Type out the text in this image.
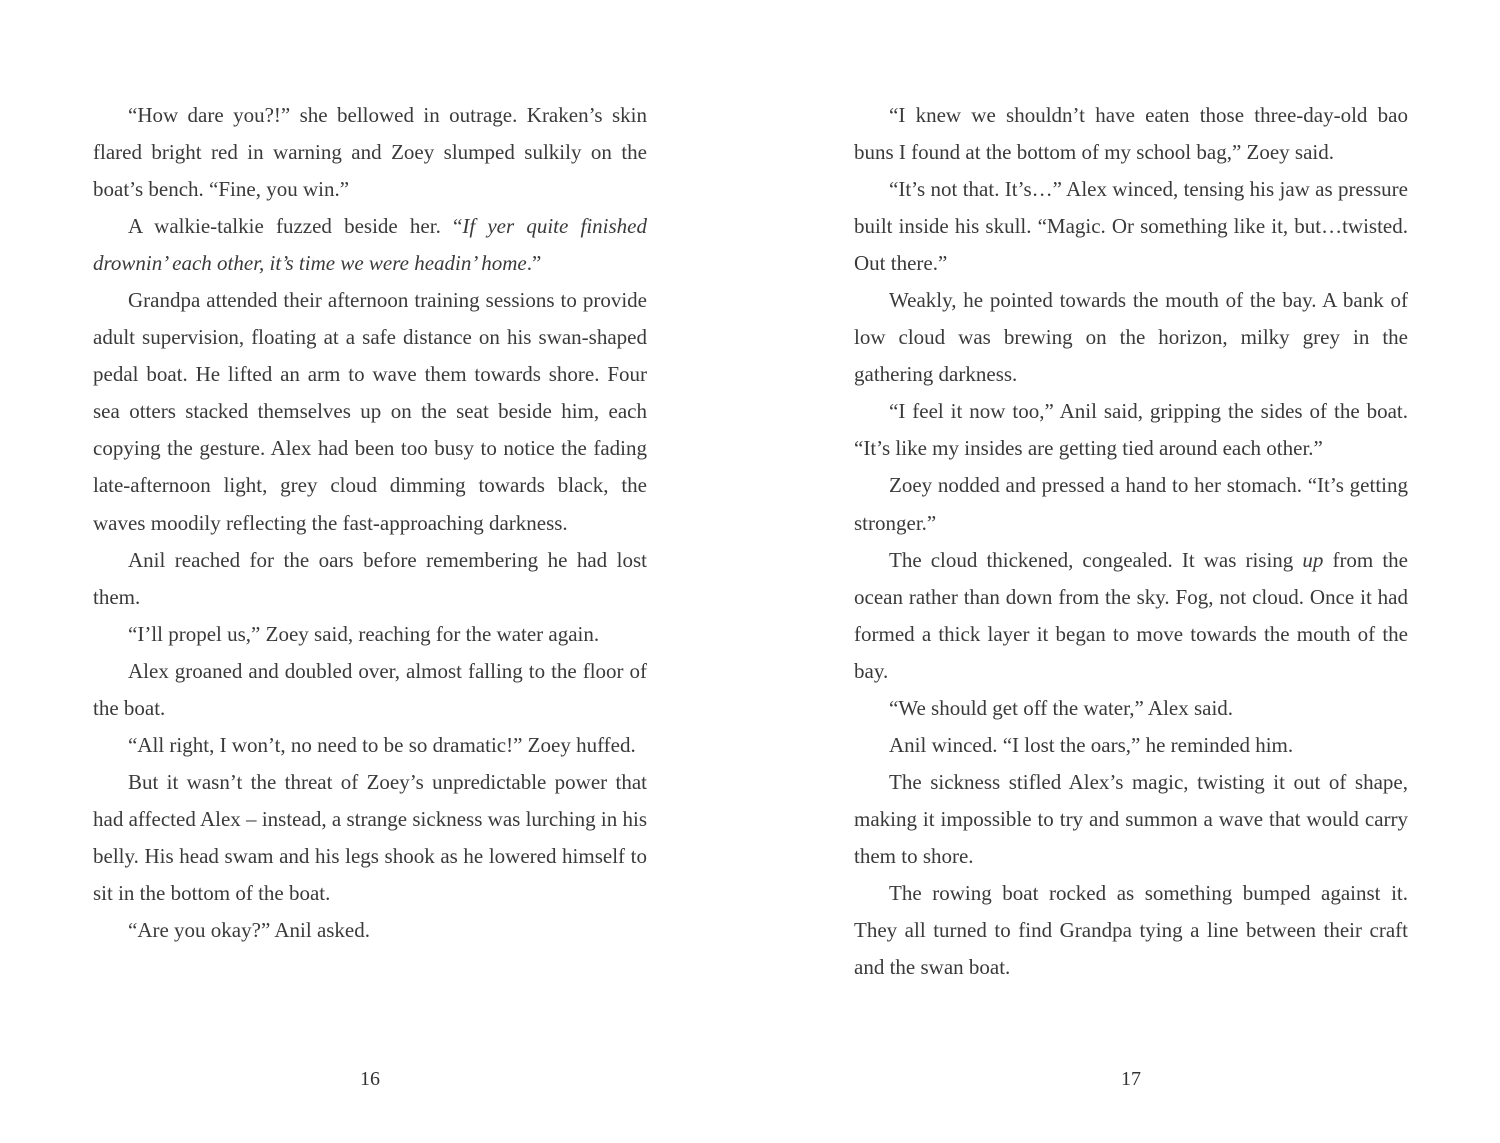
“How dare you?!” she bellowed in outrage. Kraken’s skin flared bright red in warning and Zoey slumped sulkily on the boat’s bench. “Fine, you win.”

A walkie-talkie fuzzed beside her. “If yer quite finished drownin’ each other, it’s time we were headin’ home.”

Grandpa attended their afternoon training sessions to provide adult supervision, floating at a safe distance on his swan-shaped pedal boat. He lifted an arm to wave them towards shore. Four sea otters stacked themselves up on the seat beside him, each copying the gesture. Alex had been too busy to notice the fading late-afternoon light, grey cloud dimming towards black, the waves moodily reflecting the fast-approaching darkness.

Anil reached for the oars before remembering he had lost them.

“I’ll propel us,” Zoey said, reaching for the water again.

Alex groaned and doubled over, almost falling to the floor of the boat.

“All right, I won’t, no need to be so dramatic!” Zoey huffed.

But it wasn’t the threat of Zoey’s unpredictable power that had affected Alex – instead, a strange sickness was lurching in his belly. His head swam and his legs shook as he lowered himself to sit in the bottom of the boat.

“Are you okay?” Anil asked.

16

“I knew we shouldn’t have eaten those three-day-old bao buns I found at the bottom of my school bag,” Zoey said.

“It’s not that. It’s…” Alex winced, tensing his jaw as pressure built inside his skull. “Magic. Or something like it, but…twisted. Out there.”

Weakly, he pointed towards the mouth of the bay. A bank of low cloud was brewing on the horizon, milky grey in the gathering darkness.

“I feel it now too,” Anil said, gripping the sides of the boat. “It’s like my insides are getting tied around each other.”

Zoey nodded and pressed a hand to her stomach. “It’s getting stronger.”

The cloud thickened, congealed. It was rising up from the ocean rather than down from the sky. Fog, not cloud. Once it had formed a thick layer it began to move towards the mouth of the bay.

“We should get off the water,” Alex said.

Anil winced. “I lost the oars,” he reminded him.

The sickness stifled Alex’s magic, twisting it out of shape, making it impossible to try and summon a wave that would carry them to shore.

The rowing boat rocked as something bumped against it. They all turned to find Grandpa tying a line between their craft and the swan boat.

17
